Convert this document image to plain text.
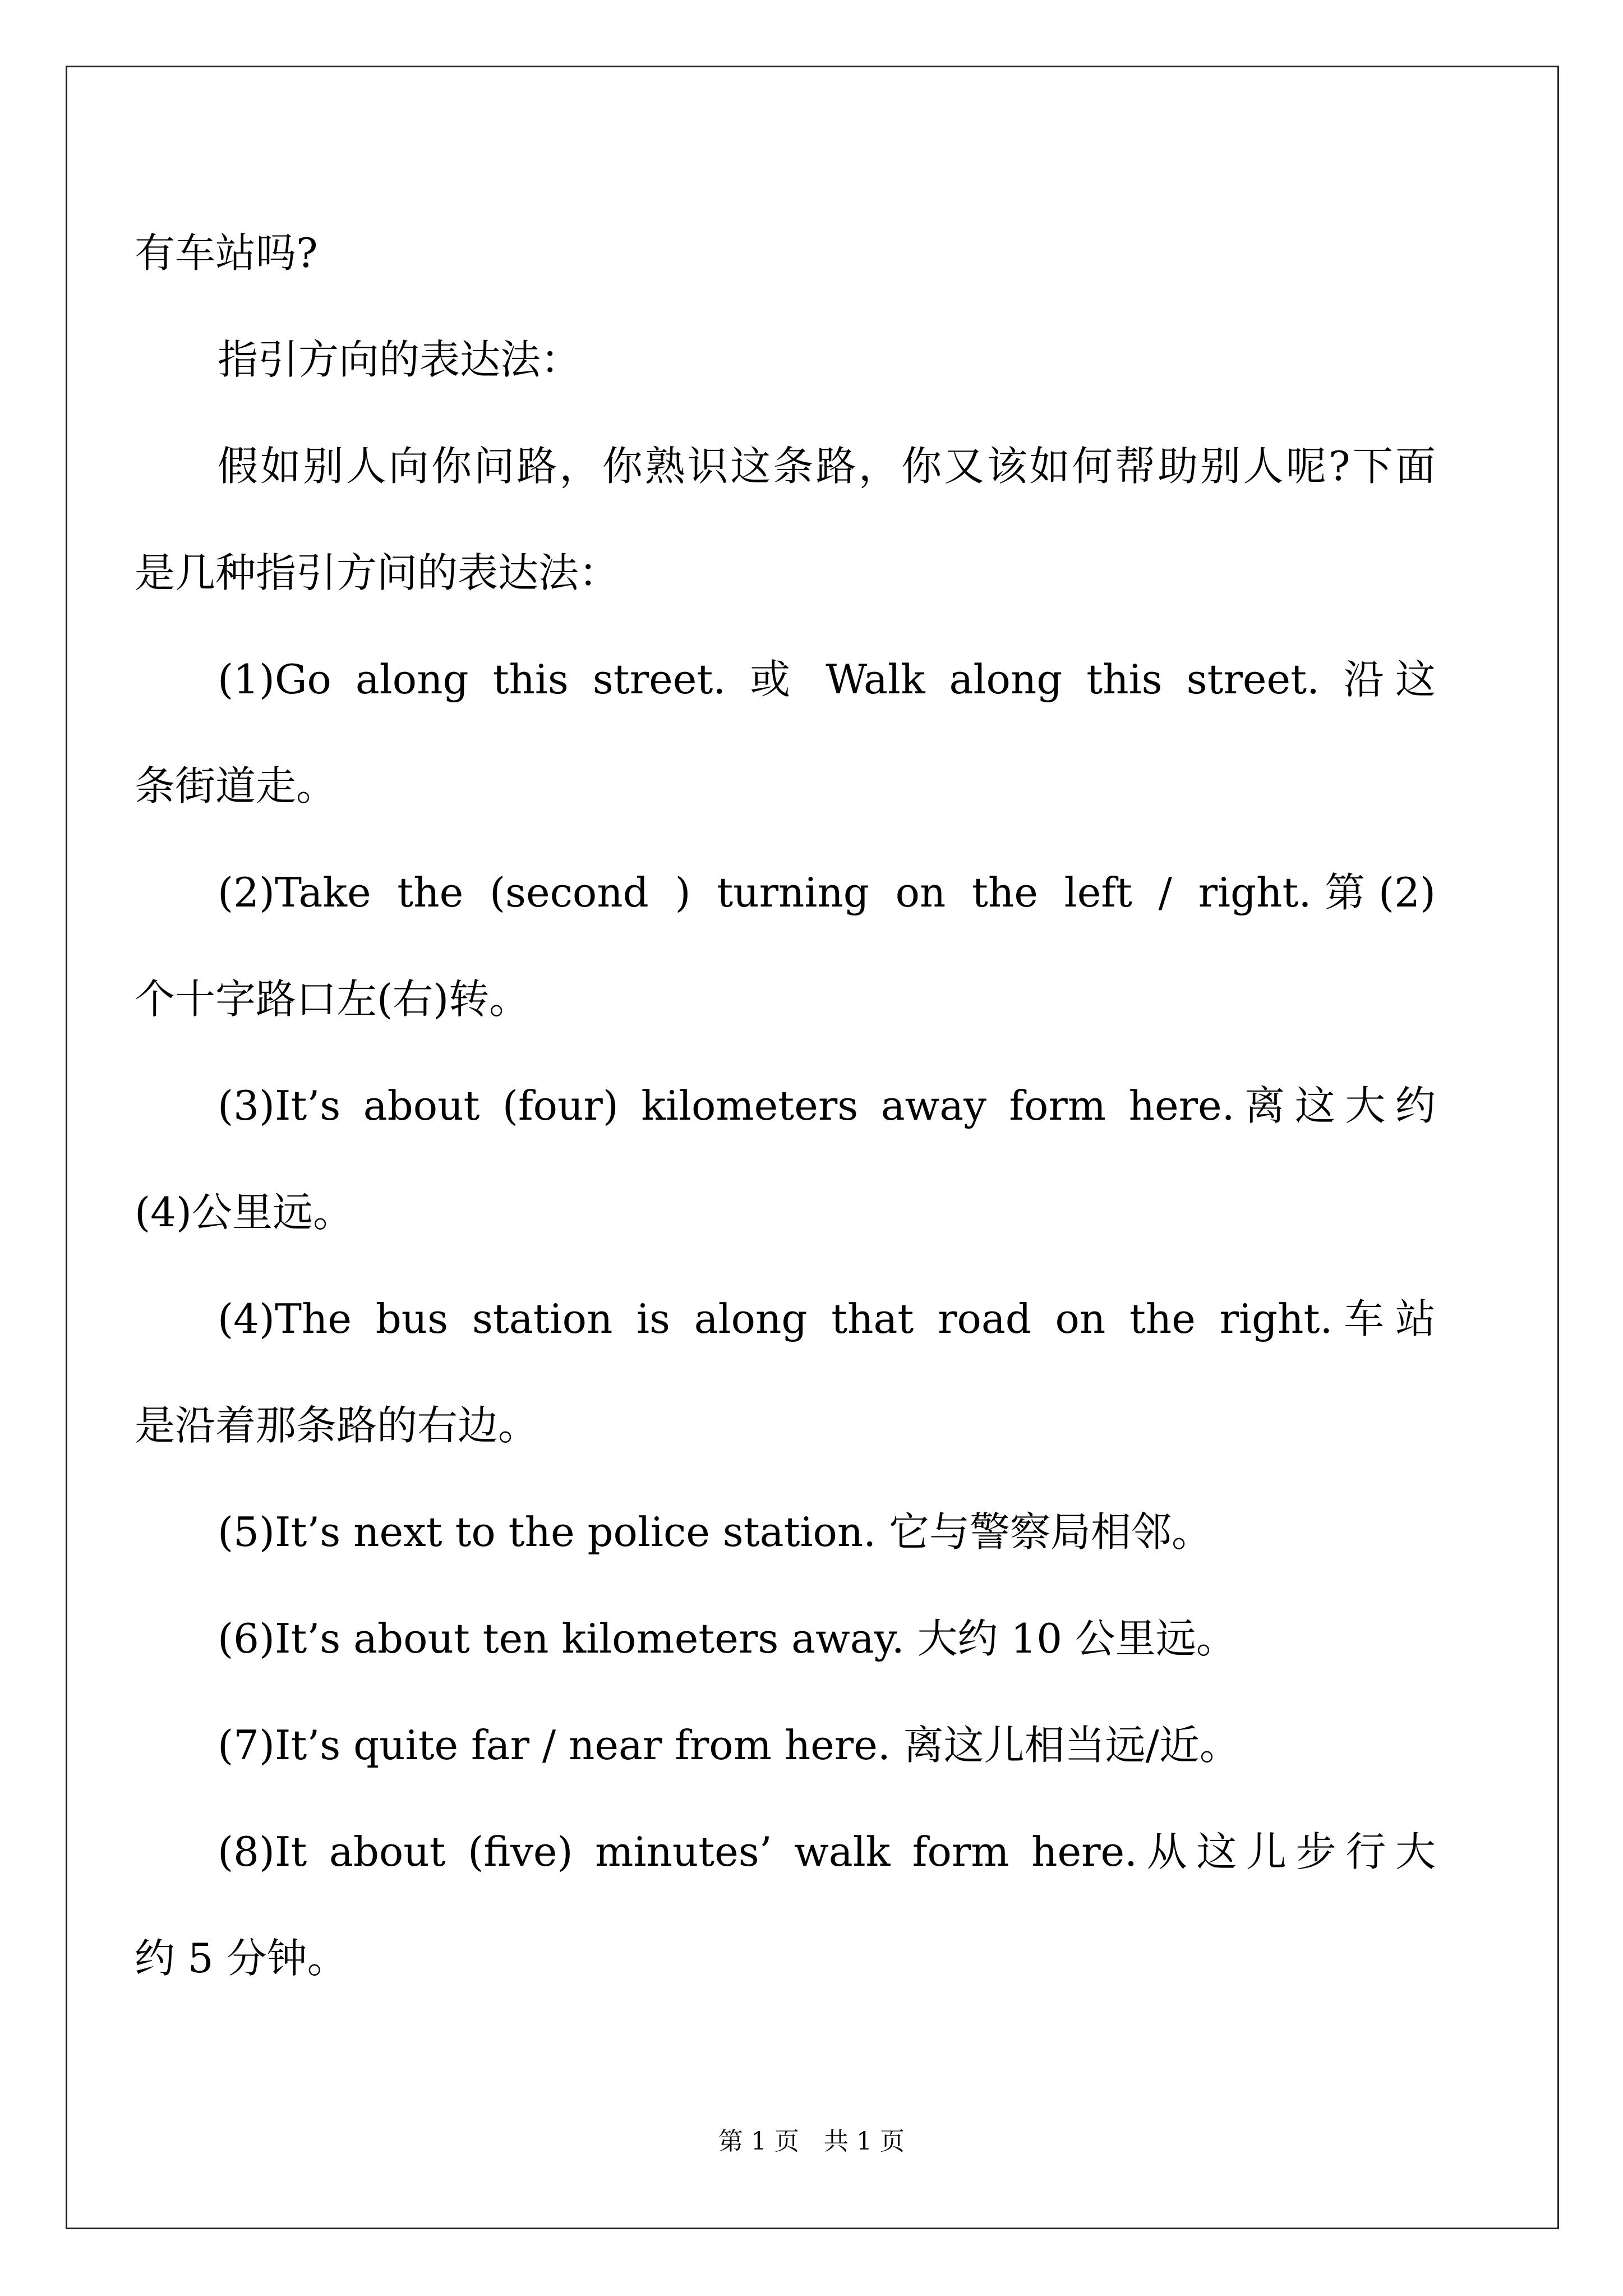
有车站吗?
指引方向的表达法：
假如别人向你问路，你熟识这条路，你又该如何帮助别人呢?下面
是几种指引方问的表达法：
(1)Go along this street. 或 Walk along this street. 沿这
条街道走。
(2)Take the (second ) turning on the left / right.第(2)
个十字路口左(右)转。
(3)It’s about (four) kilometers away form here.离这大约
(4)公里远。
(4)The bus station is along that road on the right.车站
是沿着那条路的右边。
(5)It’s next to the police station. 它与警察局相邻。
(6)It’s about ten kilometers away. 大约 10 公里远。
(7)It’s quite far / near from here. 离这儿相当远/近。
(8)It about (five) minutes’ walk form here.从这儿步行大
约 5 分钟。
第 1 页　共 1 页
